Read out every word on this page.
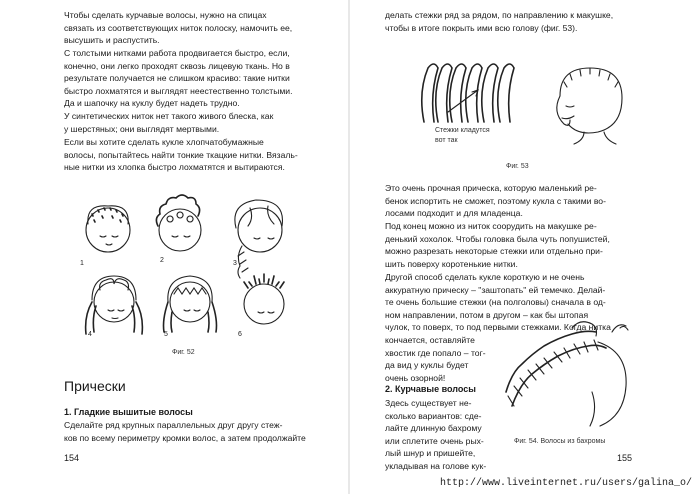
Чтобы сделать курчавые волосы, нужно на спицах
связать из соответствующих ниток полоску, намочить ее,
высушить и распустить.

С толстыми нитками работа продвигается быстро, если,
конечно, они легко проходят сквозь лицевую ткань. Но в
результате получается не слишком красиво: такие нитки
быстро лохматятся и выглядят неестественно толстыми.
Да и шапочку на куклу будет надеть трудно.

У синтетических ниток нет такого живого блеска, как
у шерстяных; они выглядят мертвыми.

Если вы хотите сделать кукле хлопчатобумажные
волосы, попытайтесь найти тонкие ткацкие нитки. Вязаль-
ные нитки из хлопка быстро лохматятся и вытираются.

1	2	3
4	5	6
Фиг. 52
Прически
1. Гладкие вышитые волосы

Сделайте ряд крупных параллельных друг другу стеж-
ков по всему периметру кромки волос, а затем продолжайте

154

делать стежки ряд за рядом, по направлению к макушке,
чтобы в итоге покрыть ими всю голову (фиг. 53).

Стежки кладутся
вот так
Фиг. 53

Это очень прочная прическа, которую маленький ре-
бенок испортить не сможет, поэтому кукла с такими во-
лосами подходит и для младенца.

Под конец можно из ниток соорудить на макушке ре-
денький хохолок. Чтобы головка была чуть попушистей,
можно разрезать некоторые стежки или отдельно при-
шить поверху коротенькие нитки.

Другой способ сделать кукле короткую и не очень
аккуратную прическу – "заштопать" ей темечко. Делай-
те очень большие стежки (на полголовы) сначала в од-
ном направлении, потом в другом – как бы штопая
чулок, то поверх, то под первыми стежками. Когда нитка

кончается, оставляйте
хвостик где попало – тог-
да вид у куклы будет
очень озорной!

2. Курчавые волосы

Здесь существует не-
сколько вариантов: сде-
лайте длинную бахрому
или сплетите очень рых-
лый шнур и пришейте,
укладывая на голове кук-

Фиг. 54. Волосы из бахромы
155
http://www.liveinternet.ru/users/galina_o/
